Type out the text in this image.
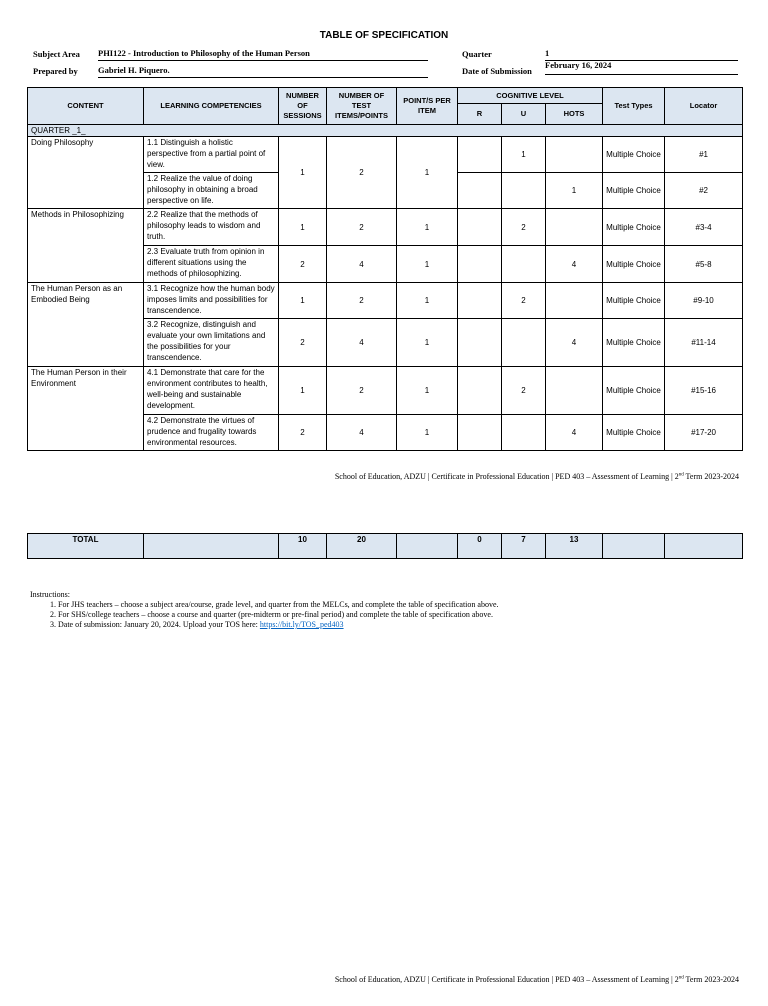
TABLE OF SPECIFICATION
Subject Area PHI122 - Introduction to Philosophy of the Human Person
Prepared by Gabriel H. Piquero.
Quarter	1
Date of Submission
February 16, 2024
CONTENT	LEARNING COMPETENCIES	NUMBER OF SESSIONS	NUMBER OF TEST ITEMS/POINTS	POINT/S PER ITEM	COGNITIVE LEVEL			Test Types	Locator
					R	U	HOTS		
QUARTER _1_									
Doing Philosophy	1.1 Distinguish a holistic perspective from a partial point of view.	1	2	1		1		Multiple Choice	#1
	1.2 Realize the value of doing philosophy in obtaining a broad perspective on life.						1	Multiple Choice	#2
Methods in Philosophizing	2.2 Realize that the methods of philosophy leads to wisdom and truth.	1	2	1		2		Multiple Choice	#3-4
	2.3 Evaluate truth from opinion in different situations using the methods of philosophizing.	2	4	1			4	Multiple Choice	#5-8
The Human Person as an Embodied Being	3.1 Recognize how the human body imposes limits and possibilities for transcendence.	1	2	1		2		Multiple Choice	#9-10
	3.2 Recognize, distinguish and evaluate your own limitations and the possibilities for your transcendence.	2	4	1			4	Multiple Choice	#11-14
The Human Person in their Environment	4.1 Demonstrate that care for the environment contributes to health, well-being and sustainable development.	1	2	1		2		Multiple Choice	#15-16
	4.2 Demonstrate the virtues of prudence and frugality towards environmental resources.	2	4	1			4	Multiple Choice	#17-20
School of Education, ADZU | Certificate in Professional Education | PED 403 – Assessment of Learning | 2nd Term 2023-2024
TOTAL		10	20		0	7	13		
Instructions:
1. For JHS teachers – choose a subject area/course, grade level, and quarter from the MELCs, and complete the table of specification above.
2. For SHS/college teachers – choose a course and quarter (pre-midterm or pre-final period) and complete the table of specification above.
3. Date of submission: January 20, 2024. Upload your TOS here: https://bit.ly/TOS_ped403
School of Education, ADZU | Certificate in Professional Education | PED 403 – Assessment of Learning | 2nd Term 2023-2024
